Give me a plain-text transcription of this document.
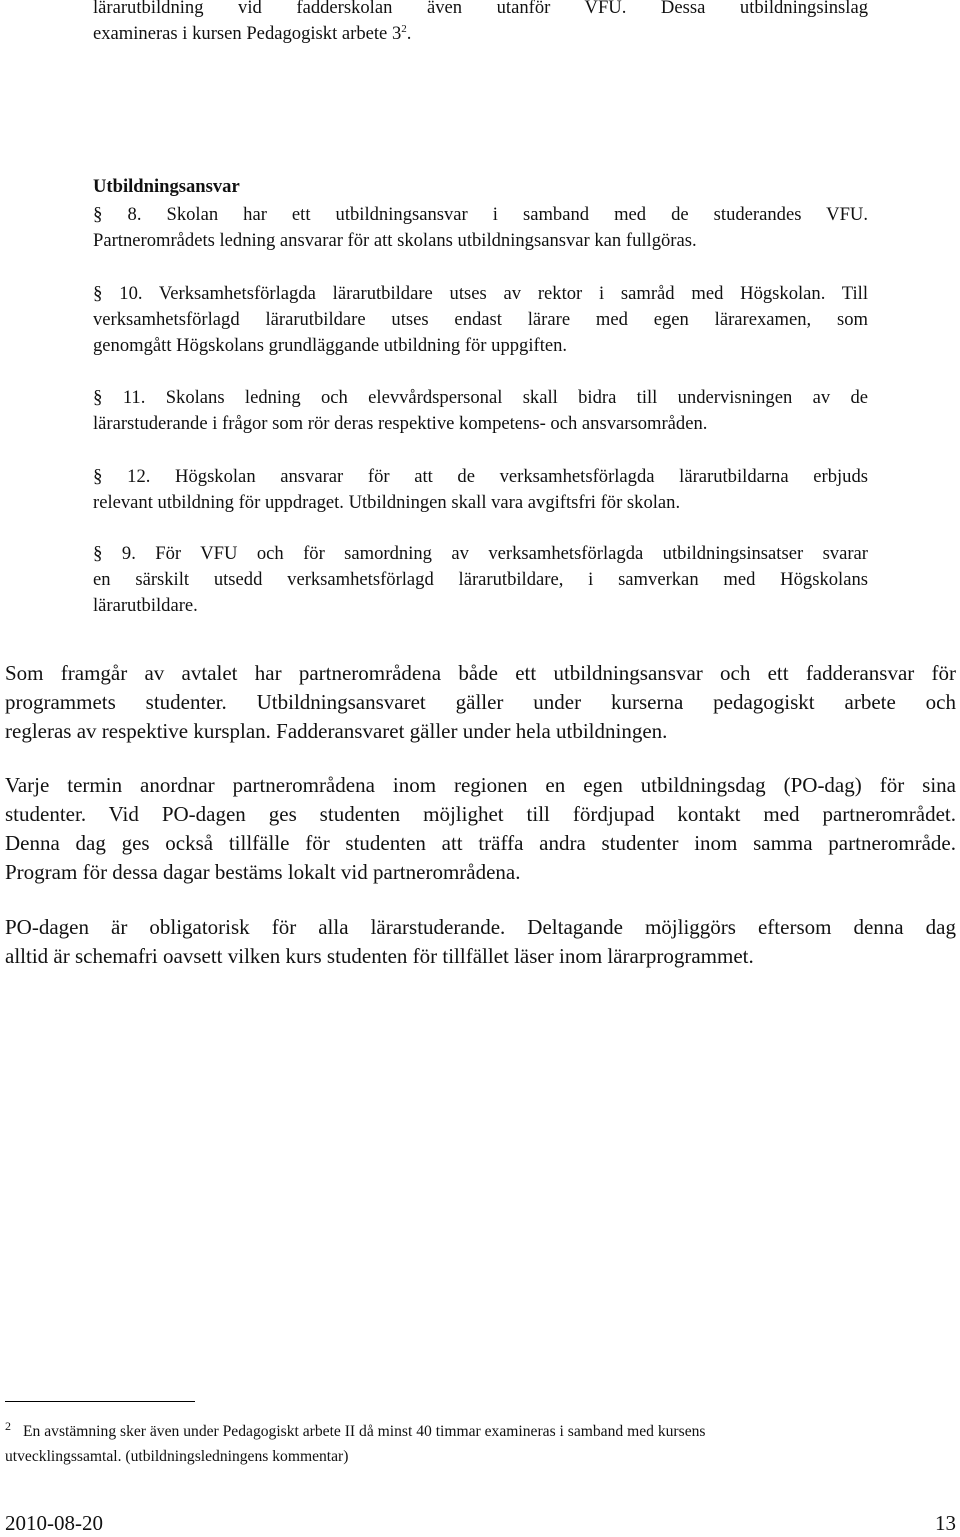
lärarutbildning vid fadderskolan även utanför VFU. Dessa utbildningsinslag
examineras i kursen Pedagogiskt arbete $3^2$.
Utbildningsansvar
§ 8. Skolan har ett utbildningsansvar i samband med de studerandes VFU.
Partnerområdets ledning ansvarar för att skolans utbildningsansvar kan fullgöras.
§ 10. Verksamhetsförlagda lärarutbildare utses av rektor i samråd med Högskolan. Till
verksamhetsförlagd lärarutbildare utses endast lärare med egen lärarexamen, som
genomgått Högskolans grundläggande utbildning för uppgiften.
§ 11. Skolans ledning och elevvårdspersonal skall bidra till undervisningen av de
lärarstuderande i frågor som rör deras respektive kompetens- och ansvarsområden.
§ 12. Högskolan ansvarar för att de verksamhetsförlagda lärarutbildarna erbjuds
relevant utbildning för uppdraget. Utbildningen skall vara avgiftsfri för skolan.
§ 9. För VFU och för samordning av verksamhetsförlagda utbildningsinsatser svarar
en särskilt utsedd verksamhetsförlagd lärarutbildare, i samverkan med Högskolans
lärarutbildare.
Som framgår av avtalet har partnerområdena både ett utbildningsansvar och ett fadderansvar för
programmets studenter. Utbildningsansvaret gäller under kurserna pedagogiskt arbete och
regleras av respektive kursplan. Fadderansvaret gäller under hela utbildningen.
Varje termin anordnar partnerområdena inom regionen en egen utbildningsdag (PO-dag) för sina
studenter. Vid PO-dagen ges studenten möjlighet till fördjupad kontakt med partnerområdet.
Denna dag ges också tillfälle för studenten att träffa andra studenter inom samma partnerområde.
Program för dessa dagar bestäms lokalt vid partnerområdena.
PO-dagen är obligatorisk för alla lärarstuderande. Deltagande möjliggörs eftersom denna dag
alltid är schemafri oavsett vilken kurs studenten för tillfället läser inom lärarprogrammet.
$^2$ En avstämning sker även under Pedagogiskt arbete II då minst 40 timmar examineras i samband med kursens
utvecklingssamtal. (utbildningsledningens kommentar)
2010-08-20	13
